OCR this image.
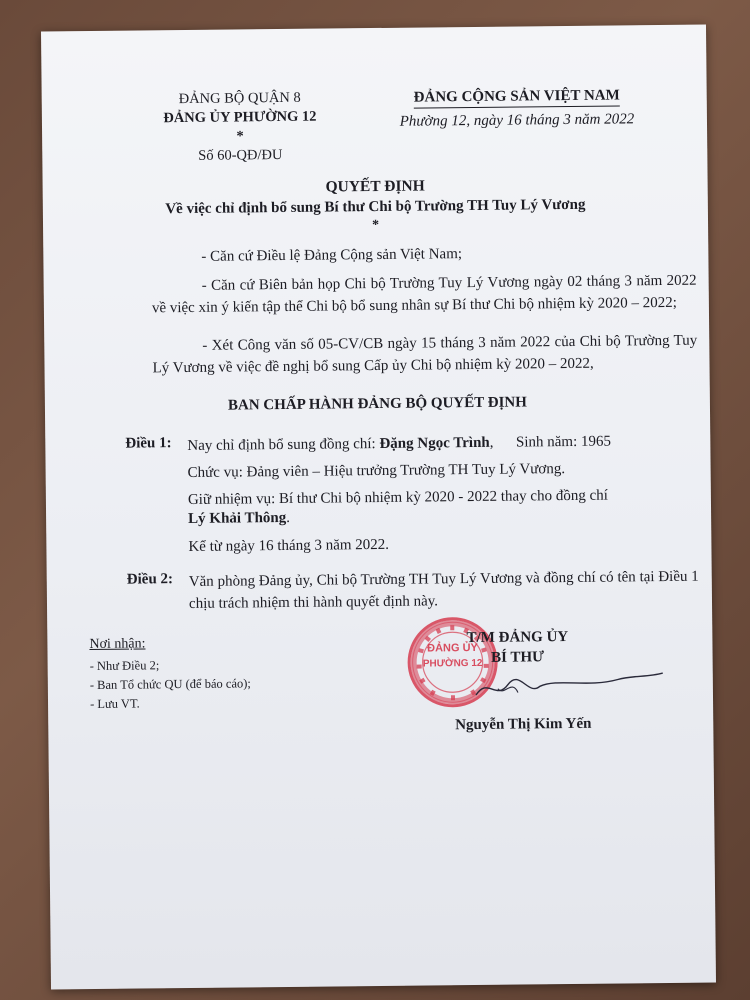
ĐẢNG BỘ QUẬN 8
ĐẢNG ỦY PHƯỜNG 12
*
Số 60-QĐ/ĐU
ĐẢNG CỘNG SẢN VIỆT NAM
Phường 12, ngày 16 tháng 3 năm 2022
QUYẾT ĐỊNH
Về việc chỉ định bổ sung Bí thư Chi bộ Trường TH Tuy Lý Vương
*
- Căn cứ Điều lệ Đảng Cộng sản Việt Nam;
- Căn cứ Biên bản họp Chi bộ Trường Tuy Lý Vương ngày 02 tháng 3 năm 2022 về việc xin ý kiến tập thể Chi bộ bổ sung nhân sự Bí thư Chi bộ nhiệm kỳ 2020 – 2022;
- Xét Công văn số 05-CV/CB ngày 15 tháng 3 năm 2022 của Chi bộ Trường Tuy Lý Vương về việc đề nghị bổ sung Cấp ủy Chi bộ nhiệm kỳ 2020 – 2022,
BAN CHẤP HÀNH ĐẢNG BỘ QUYẾT ĐỊNH
Điều 1: Nay chỉ định bổ sung đồng chí: Đặng Ngọc Trình,      Sinh năm: 1965
Chức vụ: Đảng viên – Hiệu trưởng Trường TH Tuy Lý Vương.
Giữ nhiệm vụ: Bí thư Chi bộ nhiệm kỳ 2020 - 2022 thay cho đồng chí
Lý Khải Thông.
Kể từ ngày 16 tháng 3 năm 2022.
Điều 2: Văn phòng Đảng ủy, Chi bộ Trường TH Tuy Lý Vương và đồng chí có tên tại Điều 1 chịu trách nhiệm thi hành quyết định này.
Nơi nhận:
- Như Điều 2;
- Ban Tổ chức QU (để báo cáo);
- Lưu VT.
ĐẢNG ỦY
PHƯỜNG 12
T/M ĐẢNG ỦY
BÍ THƯ
Nguyễn Thị Kim Yến
